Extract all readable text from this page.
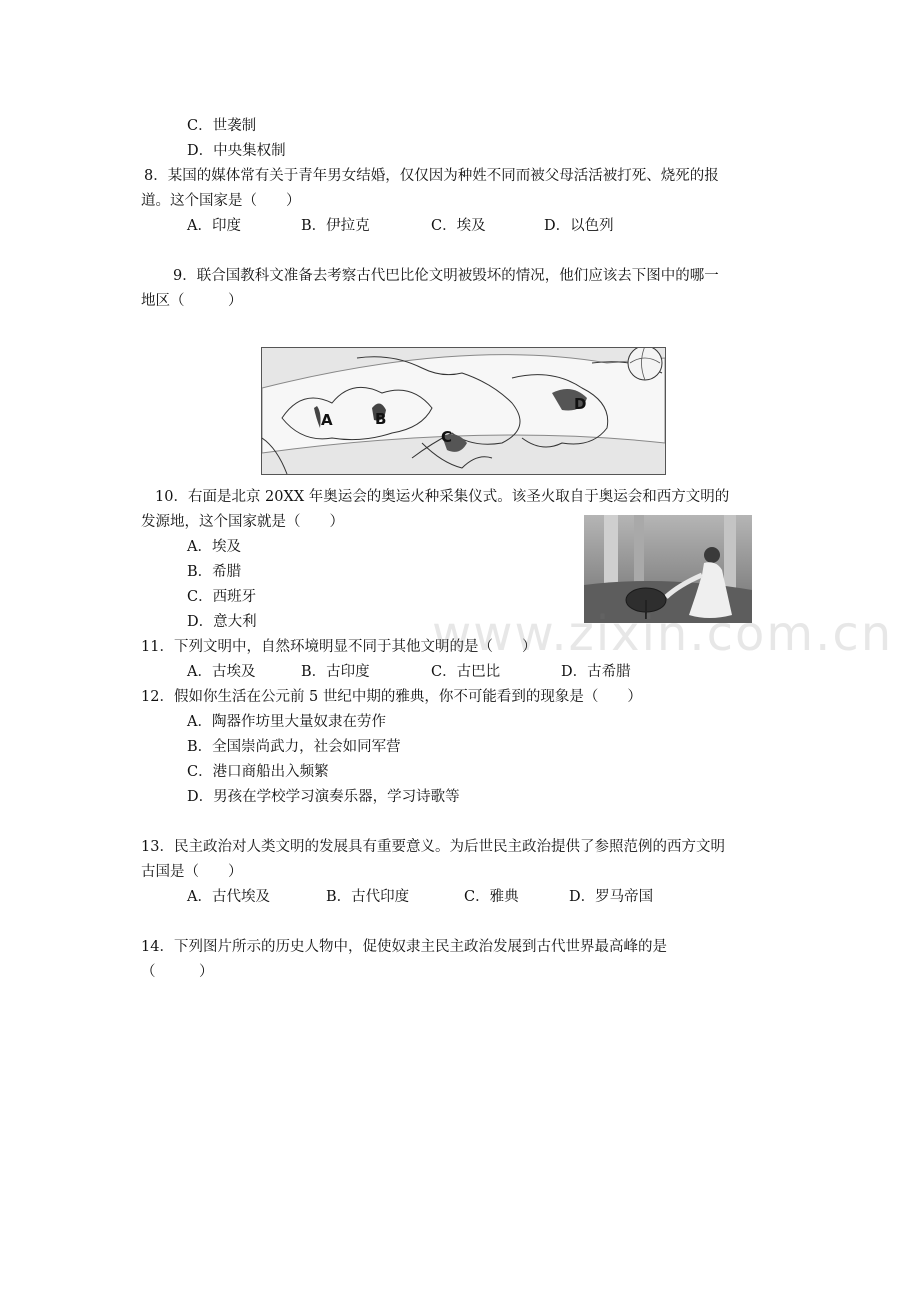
C．世袭制
D．中央集权制
8．某国的媒体常有关于青年男女结婚，仅仅因为种姓不同而被父母活活被打死、烧死的报
道。这个国家是（　　）
A．印度	B．伊拉克	C．埃及	D．以色列
9．联合国教科文准备去考察古代巴比伦文明被毁坏的情况，他们应该去下图中的哪一
地区（　　　）
A	B
C
D
10．右面是北京 20XX 年奥运会的奥运火种采集仪式。该圣火取自于奥运会和西方文明的
发源地，这个国家就是（　　）
A．埃及
B．希腊
C．西班牙
D．意大利
11．下列文明中，自然环境明显不同于其他文明的是（　　）
A．古埃及	B．古印度	C．古巴比	D．古希腊
www.zixin.com.cn
12．假如你生活在公元前 5 世纪中期的雅典，你不可能看到的现象是（　　）
A．陶器作坊里大量奴隶在劳作
B．全国崇尚武力，社会如同军营
C．港口商船出入频繁
D．男孩在学校学习演奏乐器，学习诗歌等
13．民主政治对人类文明的发展具有重要意义。为后世民主政治提供了参照范例的西方文明
古国是（　　）
A．古代埃及	B．古代印度	C．雅典	D．罗马帝国
14．下列图片所示的历史人物中，促使奴隶主民主政治发展到古代世界最高峰的是
（　　　）
